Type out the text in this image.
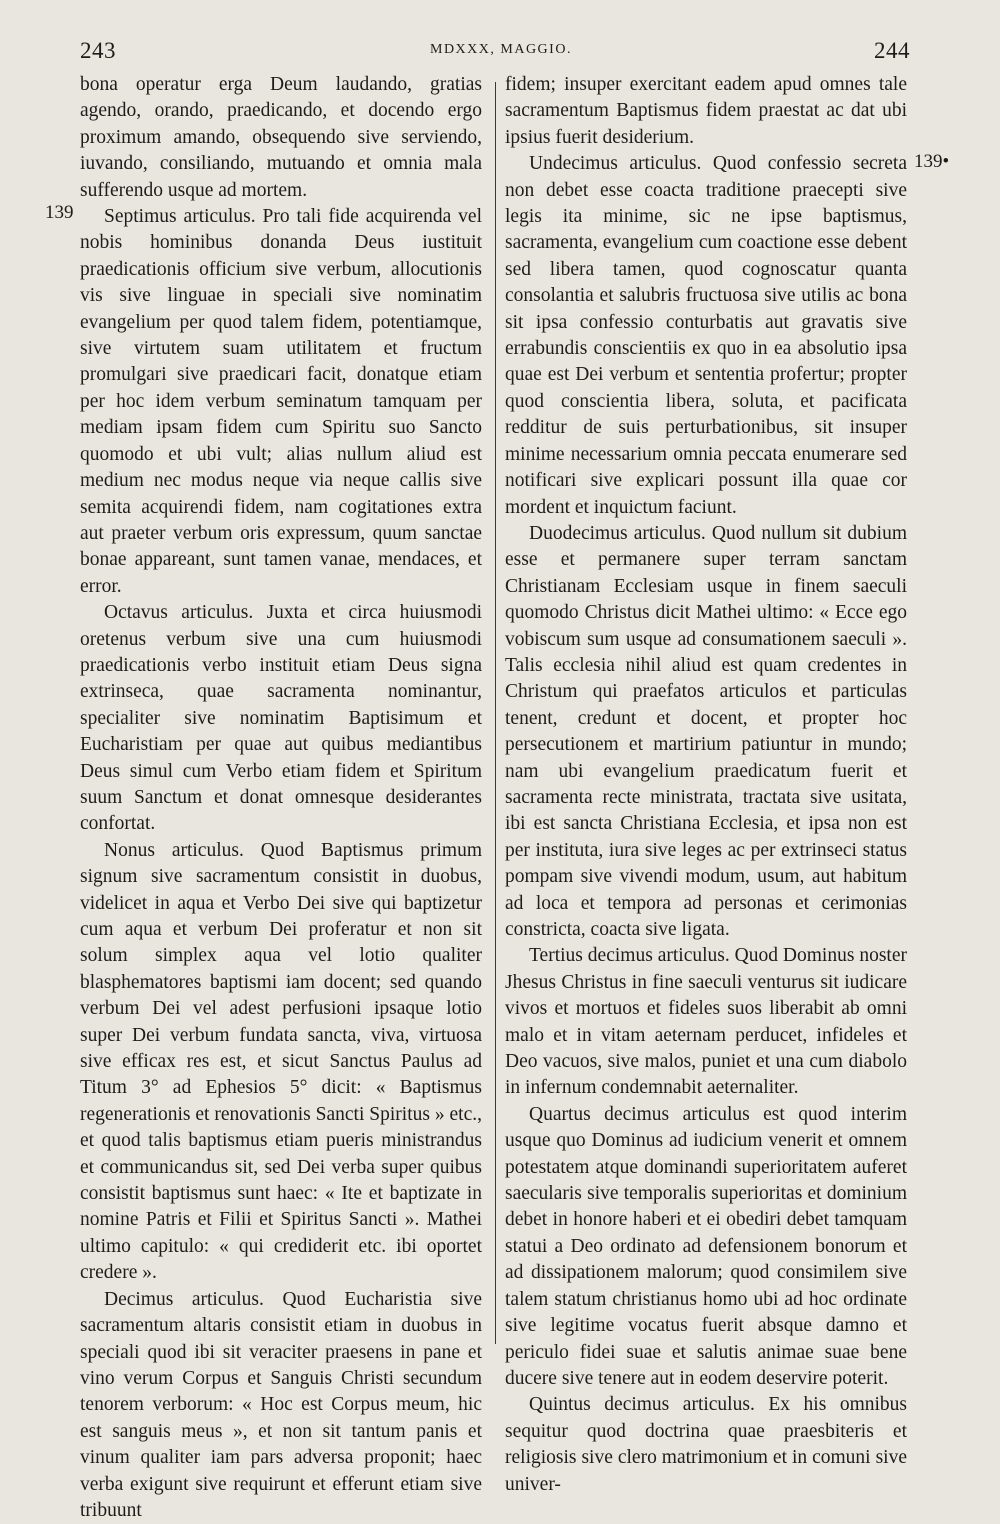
243	MDXXX, MAGGIO.	244
139
139•

bona operatur erga Deum laudando, gratias agendo, orando, praedicando, et docendo ergo proximum amando, obsequendo sive serviendo, iuvando, consiliando, mutuando et omnia mala sufferendo usque ad mortem.

Septimus articulus. Pro tali fide acquirenda vel nobis hominibus donanda Deus iustituit praedicationis officium sive verbum, allocutionis vis sive linguae in speciali sive nominatim evangelium per quod talem fidem, potentiamque, sive virtutem suam utilitatem et fructum promulgari sive praedicari facit, donatque etiam per hoc idem verbum seminatum tamquam per mediam ipsam fidem cum Spiritu suo Sancto quomodo et ubi vult; alias nullum aliud est medium nec modus neque via neque callis sive semita acquirendi fidem, nam cogitationes extra aut praeter verbum oris expressum, quum sanctae bonae appareant, sunt tamen vanae, mendaces, et error.

Octavus articulus. Juxta et circa huiusmodi oretenus verbum sive una cum huiusmodi praedicationis verbo instituit etiam Deus signa extrinseca, quae sacramenta nominantur, specialiter sive nominatim Baptisimum et Eucharistiam per quae aut quibus mediantibus Deus simul cum Verbo etiam fidem et Spiritum suum Sanctum et donat omnesque desiderantes confortat.

Nonus articulus. Quod Baptismus primum signum sive sacramentum consistit in duobus, videlicet in aqua et Verbo Dei sive qui baptizetur cum aqua et verbum Dei proferatur et non sit solum simplex aqua vel lotio qualiter blasphematores baptismi iam docent; sed quando verbum Dei vel adest perfusioni ipsaque lotio super Dei verbum fundata sancta, viva, virtuosa sive efficax res est, et sicut Sanctus Paulus ad Titum 3° ad Ephesios 5° dicit: « Baptismus regenerationis et renovationis Sancti Spiritus » etc., et quod talis baptismus etiam pueris ministrandus et communicandus sit, sed Dei verba super quibus consistit baptismus sunt haec: « Ite et baptizate in nomine Patris et Filii et Spiritus Sancti ». Mathei ultimo capitulo: « qui crediderit etc. ibi oportet credere ».

Decimus articulus. Quod Eucharistia sive sacramentum altaris consistit etiam in duobus in speciali quod ibi sit veraciter praesens in pane et vino verum Corpus et Sanguis Christi secundum tenorem verborum: « Hoc est Corpus meum, hic est sanguis meus », et non sit tantum panis et vinum qualiter iam pars adversa proponit; haec verba exigunt sive requirunt et efferunt etiam sive tribuunt

fidem; insuper exercitant eadem apud omnes tale sacramentum Baptismus fidem praestat ac dat ubi ipsius fuerit desiderium.

Undecimus articulus. Quod confessio secreta non debet esse coacta traditione praecepti sive legis ita minime, sic ne ipse baptismus, sacramenta, evangelium cum coactione esse debent sed libera tamen, quod cognoscatur quanta consolantia et salubris fructuosa sive utilis ac bona sit ipsa confessio conturbatis aut gravatis sive errabundis conscientiis ex quo in ea absolutio ipsa quae est Dei verbum et sententia profertur; propter quod conscientia libera, soluta, et pacificata redditur de suis perturbationibus, sit insuper minime necessarium omnia peccata enumerare sed notificari sive explicari possunt illa quae cor mordent et inquictum faciunt.

Duodecimus articulus. Quod nullum sit dubium esse et permanere super terram sanctam Christianam Ecclesiam usque in finem saeculi quomodo Christus dicit Mathei ultimo: « Ecce ego vobiscum sum usque ad consumationem saeculi ». Talis ecclesia nihil aliud est quam credentes in Christum qui praefatos articulos et particulas tenent, credunt et docent, et propter hoc persecutionem et martirium patiuntur in mundo; nam ubi evangelium praedicatum fuerit et sacramenta recte ministrata, tractata sive usitata, ibi est sancta Christiana Ecclesia, et ipsa non est per instituta, iura sive leges ac per extrinseci status pompam sive vivendi modum, usum, aut habitum ad loca et tempora ad personas et cerimonias constricta, coacta sive ligata.

Tertius decimus articulus. Quod Dominus noster Jhesus Christus in fine saeculi venturus sit iudicare vivos et mortuos et fideles suos liberabit ab omni malo et in vitam aeternam perducet, infideles et Deo vacuos, sive malos, puniet et una cum diabolo in infernum condemnabit aeternaliter.

Quartus decimus articulus est quod interim usque quo Dominus ad iudicium venerit et omnem potestatem atque dominandi superioritatem auferet saecularis sive temporalis superioritas et dominium debet in honore haberi et ei obediri debet tamquam statui a Deo ordinato ad defensionem bonorum et ad dissipationem malorum; quod consimilem sive talem statum christianus homo ubi ad hoc ordinate sive legitime vocatus fuerit absque damno et periculo fidei suae et salutis animae suae bene ducere sive tenere aut in eodem deservire poterit.

Quintus decimus articulus. Ex his omnibus sequitur quod doctrina quae praesbiteris et religiosis sive clero matrimonium et in comuni sive univer-
